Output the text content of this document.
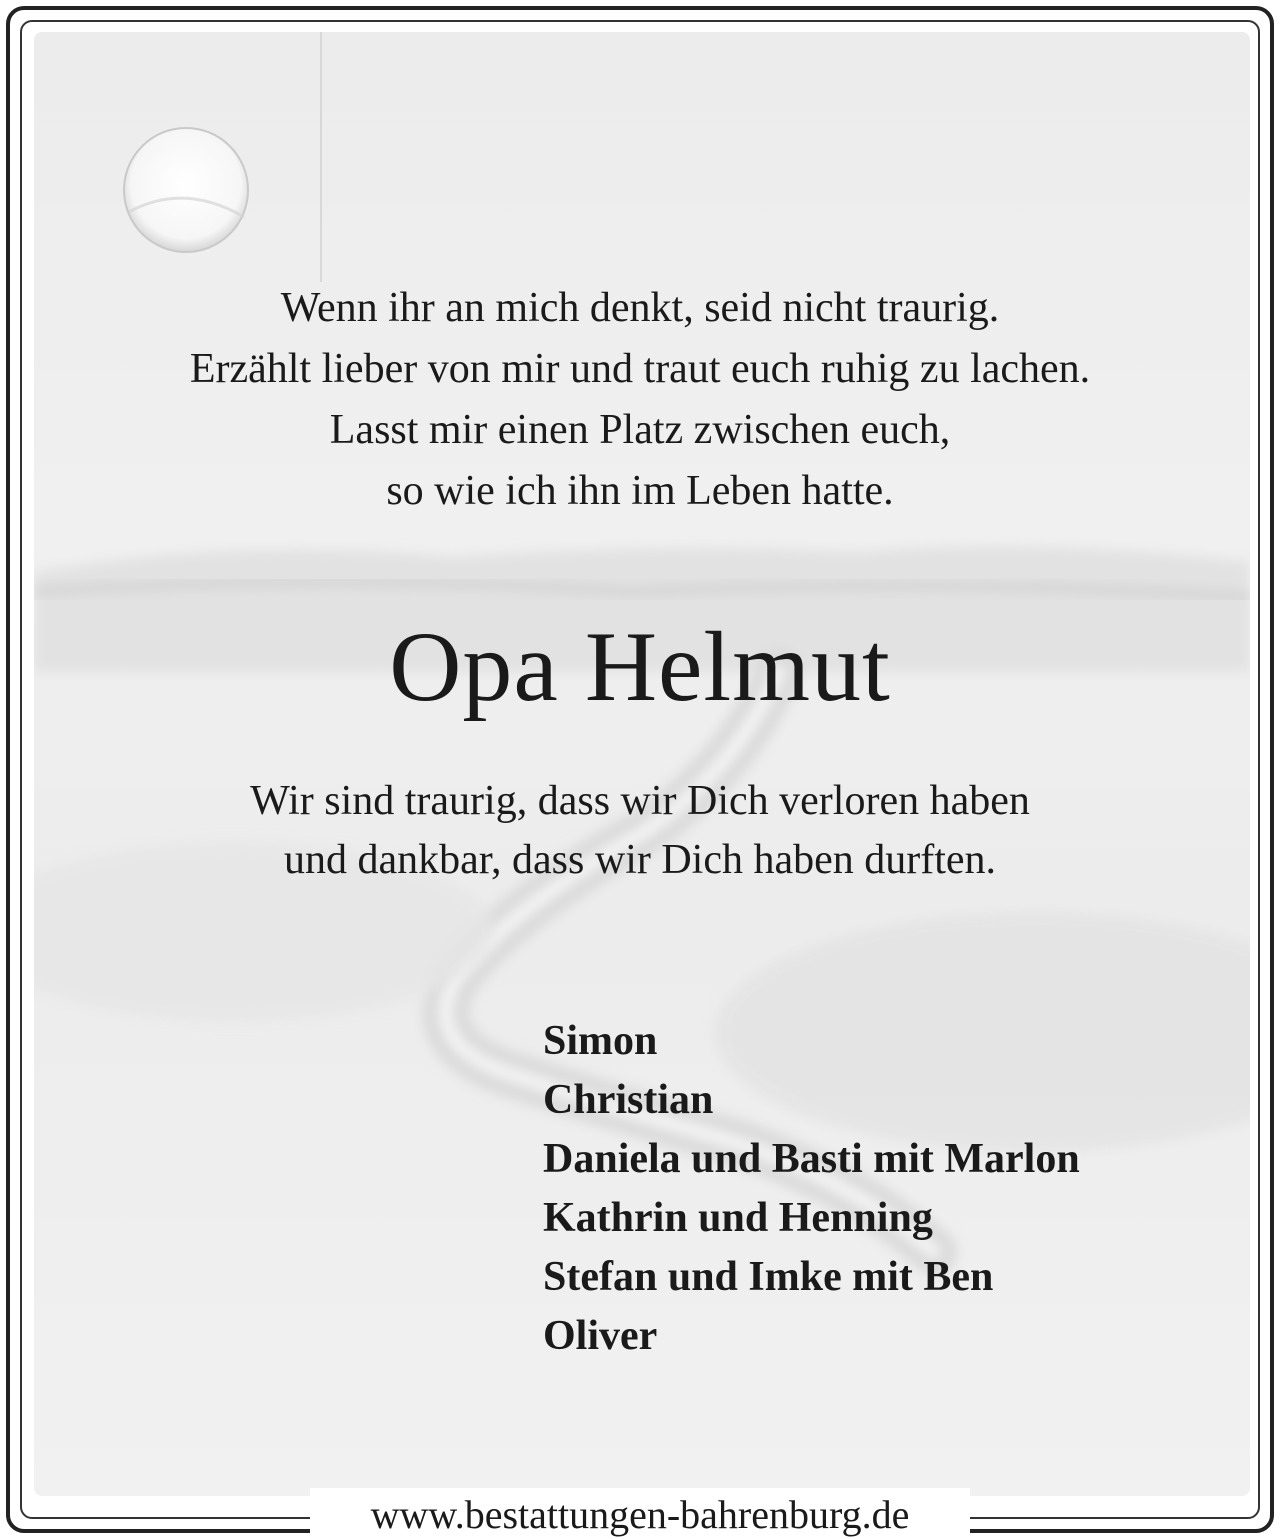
Wenn ihr an mich denkt, seid nicht traurig.
Erzählt lieber von mir und traut euch ruhig zu lachen.
Lasst mir einen Platz zwischen euch,
so wie ich ihn im Leben hatte.
Opa Helmut
Wir sind traurig, dass wir Dich verloren haben
und dankbar, dass wir Dich haben durften.
Simon
Christian
Daniela und Basti mit Marlon
Kathrin und Henning
Stefan und Imke mit Ben
Oliver
www.bestattungen-bahrenburg.de
